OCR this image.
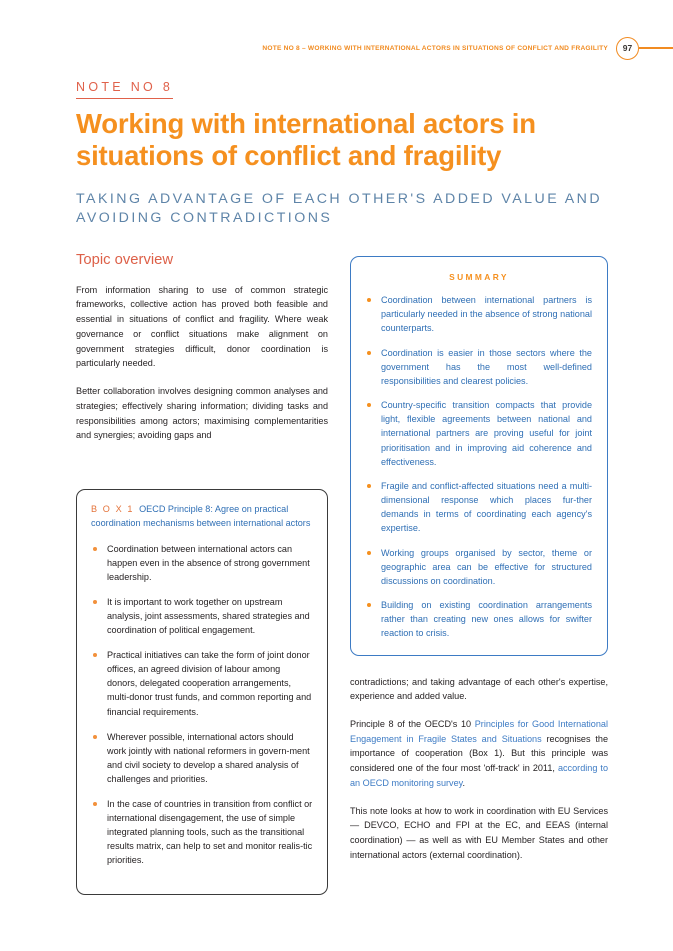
NOTE NO 8 – WORKING WITH INTERNATIONAL ACTORS IN SITUATIONS OF CONFLICT AND FRAGILITY	97
NOTE NO 8
Working with international actors in situations of conflict and fragility
TAKING ADVANTAGE OF EACH OTHER'S ADDED VALUE AND AVOIDING CONTRADICTIONS
Topic overview

From information sharing to use of common strategic frameworks, collective action has proved both feasible and essential in situations of conflict and fragility. Where weak governance or conflict situations make alignment on government strategies difficult, donor coordination is particularly needed.

Better collaboration involves designing common analyses and strategies; effectively sharing information; dividing tasks and responsibilities among actors; maximising complementarities and synergies; avoiding gaps and

B O X 1 OECD Principle 8: Agree on practical coordination mechanisms between international actors

Coordination between international actors can happen even in the absence of strong government leadership.
It is important to work together on upstream analysis, joint assessments, shared strategies and coordination of political engagement.
Practical initiatives can take the form of joint donor offices, an agreed division of labour among donors, delegated cooperation arrangements, multi-donor trust funds, and common reporting and financial requirements.
Wherever possible, international actors should work jointly with national reformers in govern-ment and civil society to develop a shared analysis of challenges and priorities.
In the case of countries in transition from conflict or international disengagement, the use of simple integrated planning tools, such as the transitional results matrix, can help to set and monitor realis-tic priorities.
SUMMARY
Coordination between international partners is particularly needed in the absence of strong national counterparts.
Coordination is easier in those sectors where the government has the most well-defined responsibilities and clearest policies.
Country-specific transition compacts that provide light, flexible agreements between national and international partners are proving useful for joint prioritisation and in improving aid coherence and effectiveness.
Fragile and conflict-affected situations need a multi-dimensional response which places fur-ther demands in terms of coordinating each agency's expertise.
Working groups organised by sector, theme or geographic area can be effective for structured discussions on coordination.
Building on existing coordination arrangements rather than creating new ones allows for swifter reaction to crisis.

contradictions; and taking advantage of each other's expertise, experience and added value.

Principle 8 of the OECD's 10 Principles for Good International Engagement in Fragile States and Situations recognises the importance of cooperation (Box 1). But this principle was considered one of the four most 'off-track' in 2011, according to an OECD monitoring survey.

This note looks at how to work in coordination with EU Services — DEVCO, ECHO and FPI at the EC, and EEAS (internal coordination) — as well as with EU Member States and other international actors (external coordination).
